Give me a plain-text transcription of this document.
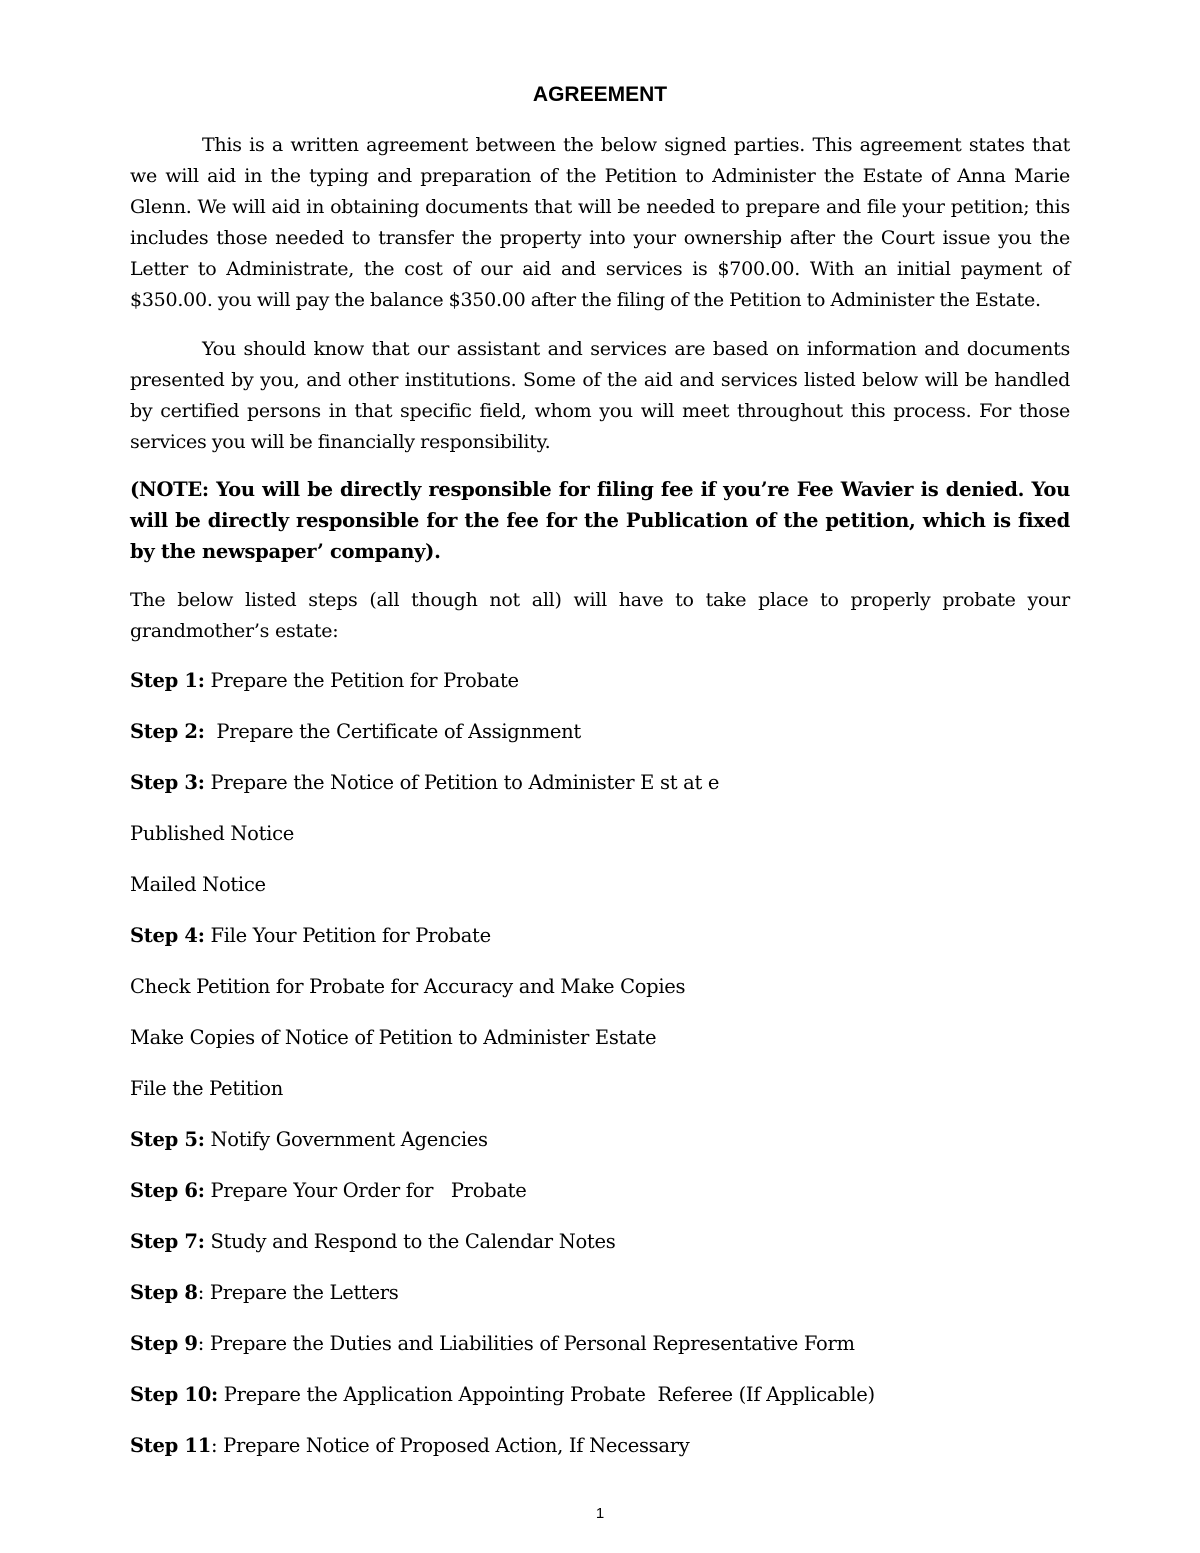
AGREEMENT

This is a written agreement between the below signed parties. This agreement states that we will aid in the typing and preparation of the Petition to Administer the Estate of Anna Marie Glenn. We will aid in obtaining documents that will be needed to prepare and file your petition; this includes those needed to transfer the property into your ownership after the Court issue you the Letter to Administrate, the cost of our aid and services is $700.00. With an initial payment of $350.00. you will pay the balance $350.00 after the filing of the Petition to Administer the Estate.

You should know that our assistant and services are based on information and documents presented by you, and other institutions. Some of the aid and services listed below will be handled by certified persons in that specific field, whom you will meet throughout this process. For those services you will be financially responsibility.

(NOTE: You will be directly responsible for filing fee if you’re Fee Wavier is denied. You will be directly responsible for the fee for the Publication of the petition, which is fixed by the newspaper’ company).

The below listed steps (all though not all) will have to take place to properly probate your grandmother’s estate:

Step 1: Prepare the Petition for Probate
Step 2:  Prepare the Certificate of Assignment
Step 3: Prepare the Notice of Petition to Administer E st at e
Published Notice
Mailed Notice
Step 4: File Your Petition for Probate
Check Petition for Probate for Accuracy and Make Copies
Make Copies of Notice of Petition to Administer Estate
File the Petition
Step 5: Notify Government Agencies
Step 6: Prepare Your Order for   Probate
Step 7: Study and Respond to the Calendar Notes
Step 8: Prepare the Letters
Step 9: Prepare the Duties and Liabilities of Personal Representative Form
Step 10: Prepare the Application Appointing Probate  Referee (If Applicable)
Step 11: Prepare Notice of Proposed Action, If Necessary
1
